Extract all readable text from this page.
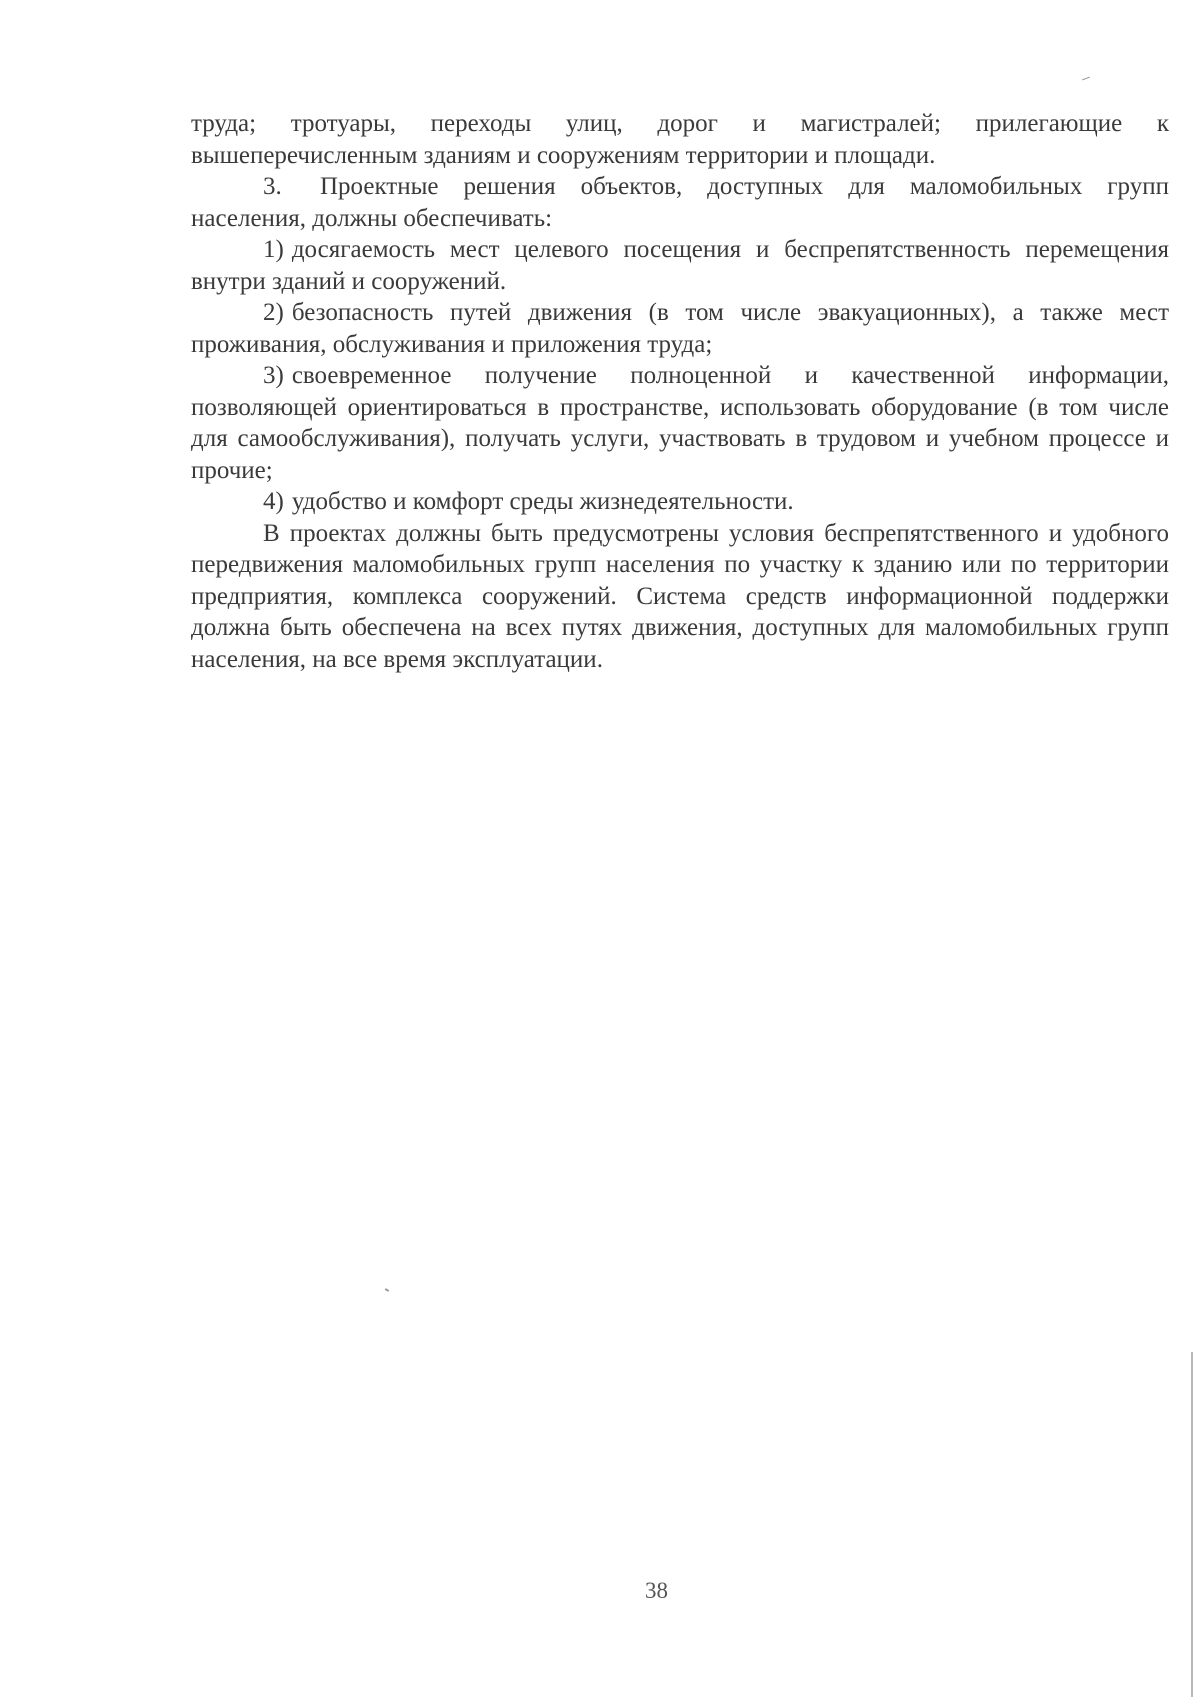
труда; тротуары, переходы улиц, дорог и магистралей; прилегающие к вышеперечисленным зданиям и сооружениям территории и площади.

3. Проектные решения объектов, доступных для маломобильных групп населения, должны обеспечивать:

1) досягаемость мест целевого посещения и беспрепятственность перемещения внутри зданий и сооружений.

2) безопасность путей движения (в том числе эвакуационных), а также мест проживания, обслуживания и приложения труда;

3) своевременное получение полноценной и качественной информации, позволяющей ориентироваться в пространстве, использовать оборудование (в том числе для самообслуживания), получать услуги, участвовать в трудовом и учебном процессе и прочие;

4) удобство и комфорт среды жизнедеятельности.

В проектах должны быть предусмотрены условия беспрепятственного и удобного передвижения маломобильных групп населения по участку к зданию или по территории предприятия, комплекса сооружений. Система средств информационной поддержки должна быть обеспечена на всех путях движения, доступных для маломобильных групп населения, на все время эксплуатации.

38
